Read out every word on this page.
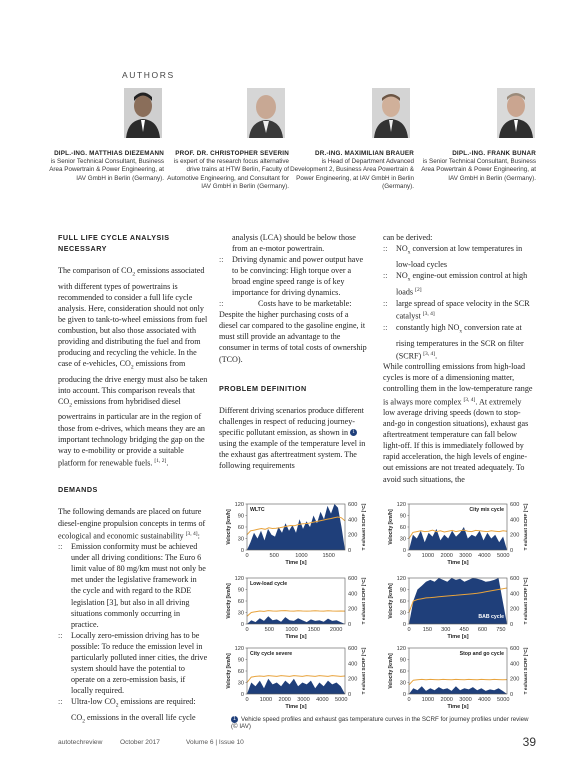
AUTHORS
DIPL.-ING. MATTHIAS DIEZEMANN
is Senior Technical Consultant, Business Area Powertrain & Power Engineering, at IAV GmbH in Berlin (Germany).
PROF. DR. CHRISTOPHER SEVERIN
is expert of the research focus alternative drive trains at HTW Berlin, Faculty of Automotive Engineering, and Consultant for IAV GmbH in Berlin (Germany).
DR.-ING. MAXIMILIAN BRAUER
is Head of Department Advanced Development 2, Business Area Powertrain & Power Engineering, at IAV GmbH in Berlin (Germany).
DIPL.-ING. FRANK BUNAR
is Senior Technical Consultant, Business Area Powertrain & Power Engineering, at IAV GmbH in Berlin (Germany).
FULL LIFE CYCLE ANALYSIS NECESSARY

The comparison of $CO_2$ emissions associated with different types of powertrains is recommended to consider a full life cycle analysis. Here, consideration should not only be given to tank-to-wheel emissions from fuel combustion, but also those associated with providing and distributing the fuel and from producing and recycling the vehicle. In the case of e-vehicles, $CO_2$ emissions from producing the drive energy must also be taken into account. This comparison reveals that $CO_2$ emissions from hybridised diesel powertrains in particular are in the region of those from e-drives, which means they are an important technology bridging the gap on the way to e-mobility or provide a suitable platform for renewable fuels. [1, 2].

DEMANDS

The following demands are placed on future diesel-engine propulsion concepts in terms of ecological and economic sustainability [3, 4]:

:: Emission conformity must be achieved under all driving conditions: The Euro 6 limit value of 80 mg/km must not only be met under the legislative framework in the cycle and with regard to the RDE legislation [3], but also in all driving situations commonly occurring in practice.
:: Locally zero-emission driving has to be possible: To reduce the emission level in particularly polluted inner cities, the drive system should have the potential to operate on a zero-emission basis, if locally required.
:: Ultra-low $CO_2$ emissions are required: $CO_2$ emissions in the overall life cycle

analysis (LCA) should be below those from an e-motor powertrain.

:: Driving dynamic and power output have to be convincing: High torque over a broad engine speed range is of key importance for driving dynamics.
:: Costs have to be marketable:

Despite the higher purchasing costs of a diesel car compared to the gasoline engine, it must still provide an advantage to the consumer in terms of total costs of ownership (TCO).

PROBLEM DEFINITION

Different driving scenarios produce different challenges in respect of reducing journey-specific pollutant emission, as shown in 1 using the example of the temperature level in the exhaust gas aftertreatment system. The following requirements

can be derived:

:: $NO_x$ conversion at low temperatures in low-load cycles
:: $NO_x$ engine-out emission control at high loads [2]
:: large spread of space velocity in the SCR catalyst [3, 4]
:: constantly high $NO_x$ conversion rate at rising temperatures in the SCR on filter (SCRF) [3, 4].

While controlling emissions from high-load cycles is more of a dimensioning matter, controlling them in the low-temperature range is always more complex [3, 4]. At extremely low average driving speeds (down to stop-and-go in congestion situations), exhaust gas aftertreatment temperature can fall below light-off. If this is immediately followed by rapid acceleration, the high levels of engine-out emissions are not treated adequately. To avoid such situations, the

0
30
60
90
120
0
200
400
600
0	500	1000	1500
Time [s]
Velocity [km/h]	T exhaust SCRF [°C]
WLTC
0
30
60
90
120
0
200
400
600
0 1000 2000 3000 4000 5000
Time [s]
Velocity [km/h]	T exhaust SCRF [°C]
City mix cycle
0
30
60
90
120
0
200
400
600
0	500 1000 1500 2000
Time [s]
Velocity [km/h]	T exhaust SCRF [°C]
Low-load cycle
0
30
60
90
120
0
200
400
600
0 150 300 450 600 750
Time [s]
Velocity [km/h]	T exhaust SCRF [°C]
BAB cycle
0
30
60
90
120
0
200
400
600
0 1000 2000 3000 4000 5000
Time [s]
Velocity [km/h]	T exhaust SCRF [°C]
City cycle severe
0
30
60
90
120
0
200
400
600
0 1000 2000 3000 4000 5000
Time [s]
Velocity [km/h]	T exhaust SCRF [°C]
Stop and go cycle
1 Vehicle speed profiles and exhaust gas temperature curves in the SCRF for journey profiles under review (© IAV)
autotechreview	October 2017	Volume 6 | Issue 10	39
